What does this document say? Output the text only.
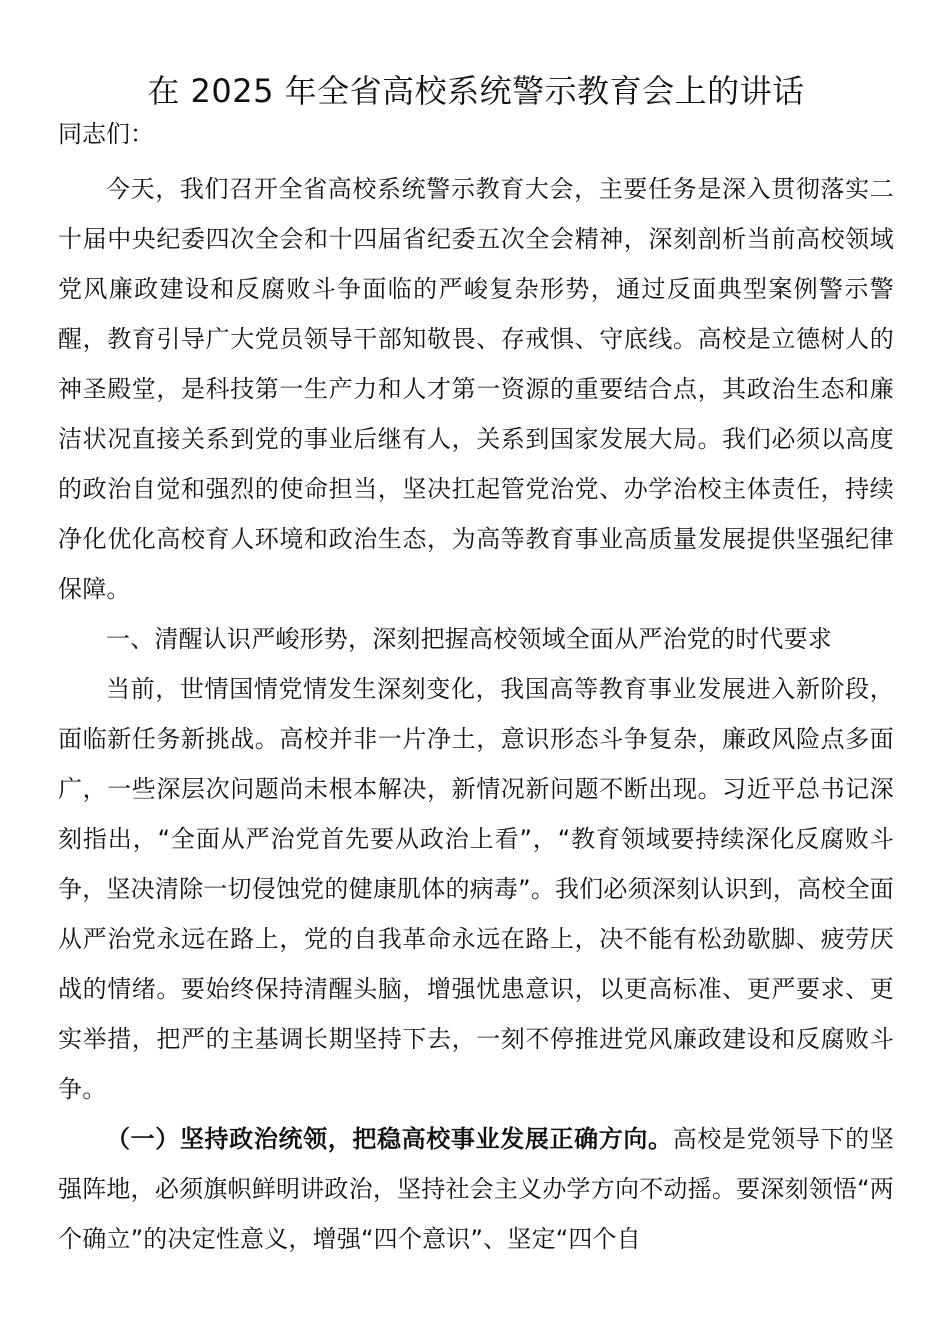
在 2025 年全省高校系统警示教育会上的讲话

同志们：

今天，我们召开全省高校系统警示教育大会，主要任务是深入贯彻落实二十届中央纪委四次全会和十四届省纪委五次全会精神，深刻剖析当前高校领域党风廉政建设和反腐败斗争面临的严峻复杂形势，通过反面典型案例警示警醒，教育引导广大党员领导干部知敬畏、存戒惧、守底线。高校是立德树人的神圣殿堂，是科技第一生产力和人才第一资源的重要结合点，其政治生态和廉洁状况直接关系到党的事业后继有人，关系到国家发展大局。我们必须以高度的政治自觉和强烈的使命担当，坚决扛起管党治党、办学治校主体责任，持续净化优化高校育人环境和政治生态，为高等教育事业高质量发展提供坚强纪律保障。

一、清醒认识严峻形势，深刻把握高校领域全面从严治党的时代要求

当前，世情国情党情发生深刻变化，我国高等教育事业发展进入新阶段，面临新任务新挑战。高校并非一片净土，意识形态斗争复杂，廉政风险点多面广，一些深层次问题尚未根本解决，新情况新问题不断出现。习近平总书记深刻指出，“全面从严治党首先要从政治上看”，“教育领域要持续深化反腐败斗争，坚决清除一切侵蚀党的健康肌体的病毒”。我们必须深刻认识到，高校全面从严治党永远在路上，党的自我革命永远在路上，决不能有松劲歇脚、疲劳厌战的情绪。要始终保持清醒头脑，增强忧患意识，以更高标准、更严要求、更实举措，把严的主基调长期坚持下去，一刻不停推进党风廉政建设和反腐败斗争。

（一）坚持政治统领，把稳高校事业发展正确方向。高校是党领导下的坚强阵地，必须旗帜鲜明讲政治，坚持社会主义办学方向不动摇。要深刻领悟“两个确立”的决定性意义，增强“四个意识”、坚定“四个自
